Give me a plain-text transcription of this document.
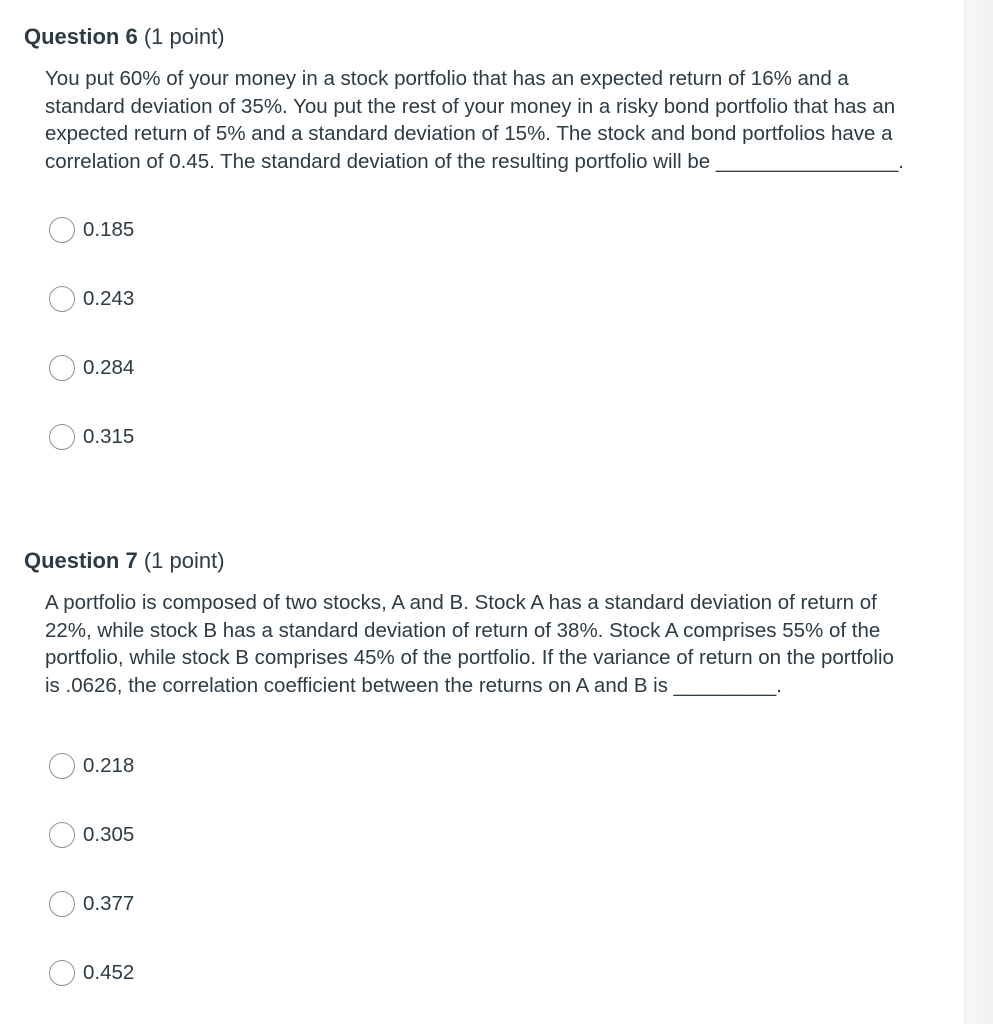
Question 6 (1 point)
You put 60% of your money in a stock portfolio that has an expected return of 16% and a standard deviation of 35%. You put the rest of your money in a risky bond portfolio that has an expected return of 5% and a standard deviation of 15%. The stock and bond portfolios have a correlation of 0.45. The standard deviation of the resulting portfolio will be ________________.
0.185
0.243
0.284
0.315
Question 7 (1 point)
A portfolio is composed of two stocks, A and B. Stock A has a standard deviation of return of 22%, while stock B has a standard deviation of return of 38%. Stock A comprises 55% of the portfolio, while stock B comprises 45% of the portfolio. If the variance of return on the portfolio is .0626, the correlation coefficient between the returns on A and B is _________.
0.218
0.305
0.377
0.452
